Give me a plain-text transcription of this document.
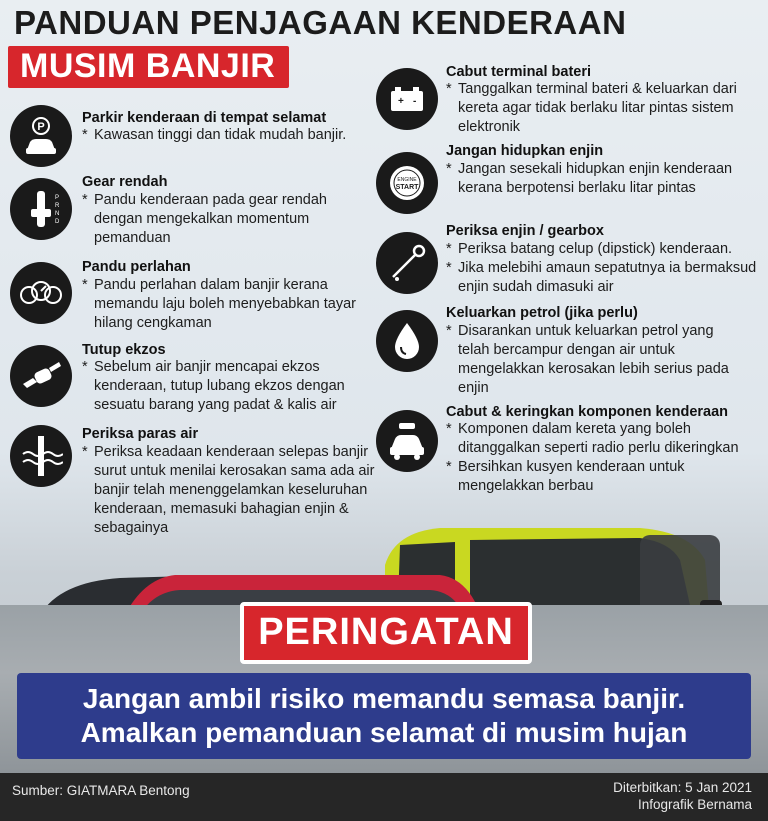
PANDUAN PENJAGAAN KENDERAAN
MUSIM BANJIR
P
Parkir kenderaan di tempat selamat
* Kawasan tinggi dan tidak mudah banjir.
P
R
N
D
Gear rendah
* Pandu kenderaan pada gear rendah dengan mengekalkan momentum pemanduan
Pandu perlahan
* Pandu perlahan dalam banjir kerana memandu laju boleh menyebabkan tayar hilang cengkaman
Tutup ekzos
* Sebelum air banjir mencapai ekzos kenderaan, tutup lubang ekzos dengan sesuatu barang yang padat & kalis air
Periksa paras air
* Periksa keadaan kenderaan selepas banjir surut untuk menilai kerosakan sama ada air banjir telah menenggelamkan keseluruhan kenderaan, memasuki bahagian enjin & sebagainya
+ -
Cabut terminal bateri
* Tanggalkan terminal bateri & keluarkan dari kereta agar tidak berlaku litar pintas sistem elektronik
ENGINE
START
Jangan hidupkan enjin
* Jangan sesekali hidupkan enjin kenderaan kerana berpotensi berlaku litar pintas
Periksa enjin / gearbox
* Periksa batang celup (dipstick) kenderaan.
* Jika melebihi amaun sepatutnya ia bermaksud enjin sudah dimasuki air
Keluarkan petrol (jika perlu)
* Disarankan untuk keluarkan petrol yang telah bercampur dengan air untuk mengelakkan kerosakan lebih serius pada enjin
Cabut & keringkan komponen kenderaan
* Komponen dalam kereta yang boleh ditanggalkan seperti radio perlu dikeringkan
* Bersihkan kusyen kenderaan untuk mengelakkan berbau
PERINGATAN
Jangan ambil risiko memandu semasa banjir.
Amalkan pemanduan selamat di musim hujan
Sumber: GIATMARA Bentong	Diterbitkan: 5 Jan 2021
Infografik Bernama
